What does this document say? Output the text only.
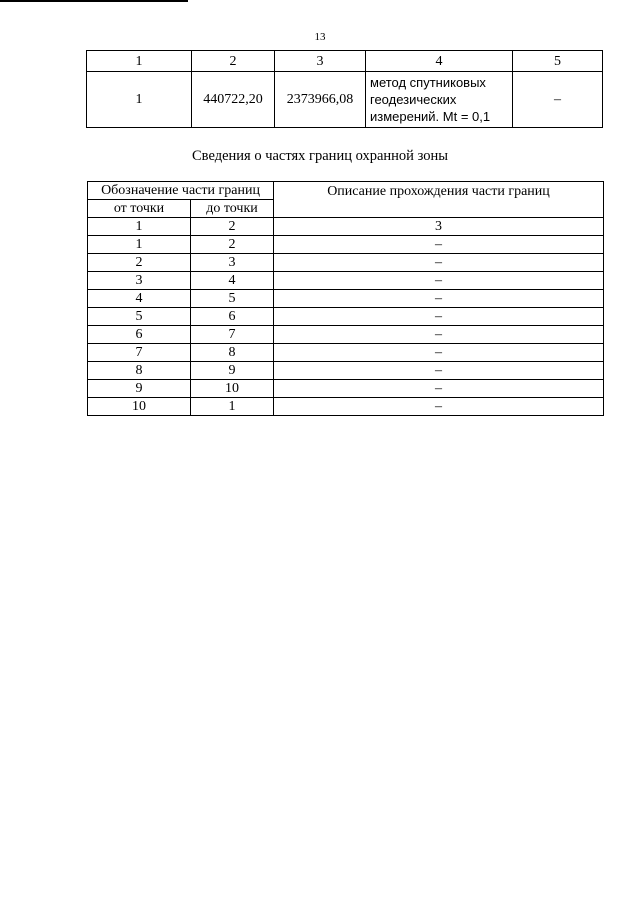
13
1	2	3	4	5
1	440722,20	2373966,08	метод спутниковых
геодезических
измерений. Mt = 0,1	–
Сведения о частях границ охранной зоны
Обозначение части границ		Описание прохождения части границ
от точки	до точки	
1	2	3
1	2	–
2	3	–
3	4	–
4	5	–
5	6	–
6	7	–
7	8	–
8	9	–
9	10	–
10	1	–
